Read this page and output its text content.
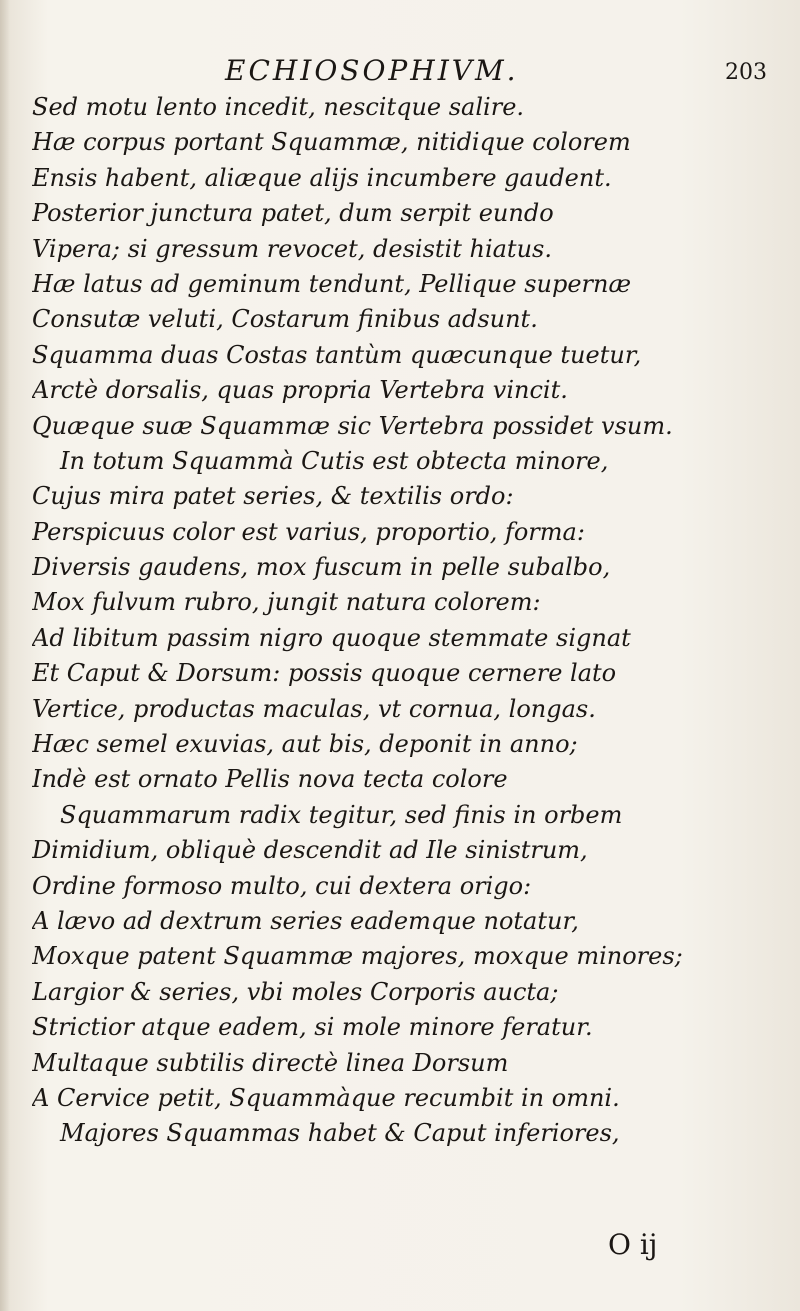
ECHIOSOPHIVM.	203
Sed motu lento incedit, nescitque salire.
Hæ corpus portant Squammæ, nitidique colorem
Ensis habent, aliæque alijs incumbere gaudent.
Posterior junctura patet, dum serpit eundo
Vipera; si gressum revocet, desistit hiatus.
Hæ latus ad geminum tendunt, Pellique supernæ
Consutæ veluti, Costarum finibus adsunt.
Squamma duas Costas tantùm quæcunque tuetur,
Arctè dorsalis, quas propria Vertebra vincit.
Quæque suæ Squammæ sic Vertebra possidet vsum.
In totum Squammà Cutis est obtecta minore,
Cujus mira patet series, & textilis ordo:
Perspicuus color est varius, proportio, forma:
Diversis gaudens, mox fuscum in pelle subalbo,
Mox fulvum rubro, jungit natura colorem:
Ad libitum passim nigro quoque stemmate signat
Et Caput & Dorsum: possis quoque cernere lato
Vertice, productas maculas, vt cornua, longas.
Hæc semel exuvias, aut bis, deponit in anno;
Indè est ornato Pellis nova tecta colore
Squammarum radix tegitur, sed finis in orbem
Dimidium, obliquè descendit ad Ile sinistrum,
Ordine formoso multo, cui dextera origo:
A lævo ad dextrum series eademque notatur,
Moxque patent Squammæ majores, moxque minores;
Largior & series, vbi moles Corporis aucta;
Strictior atque eadem, si mole minore feratur.
Multaque subtilis directè linea Dorsum
A Cervice petit, Squammàque recumbit in omni.
Majores Squammas habet & Caput inferiores,
O ij
